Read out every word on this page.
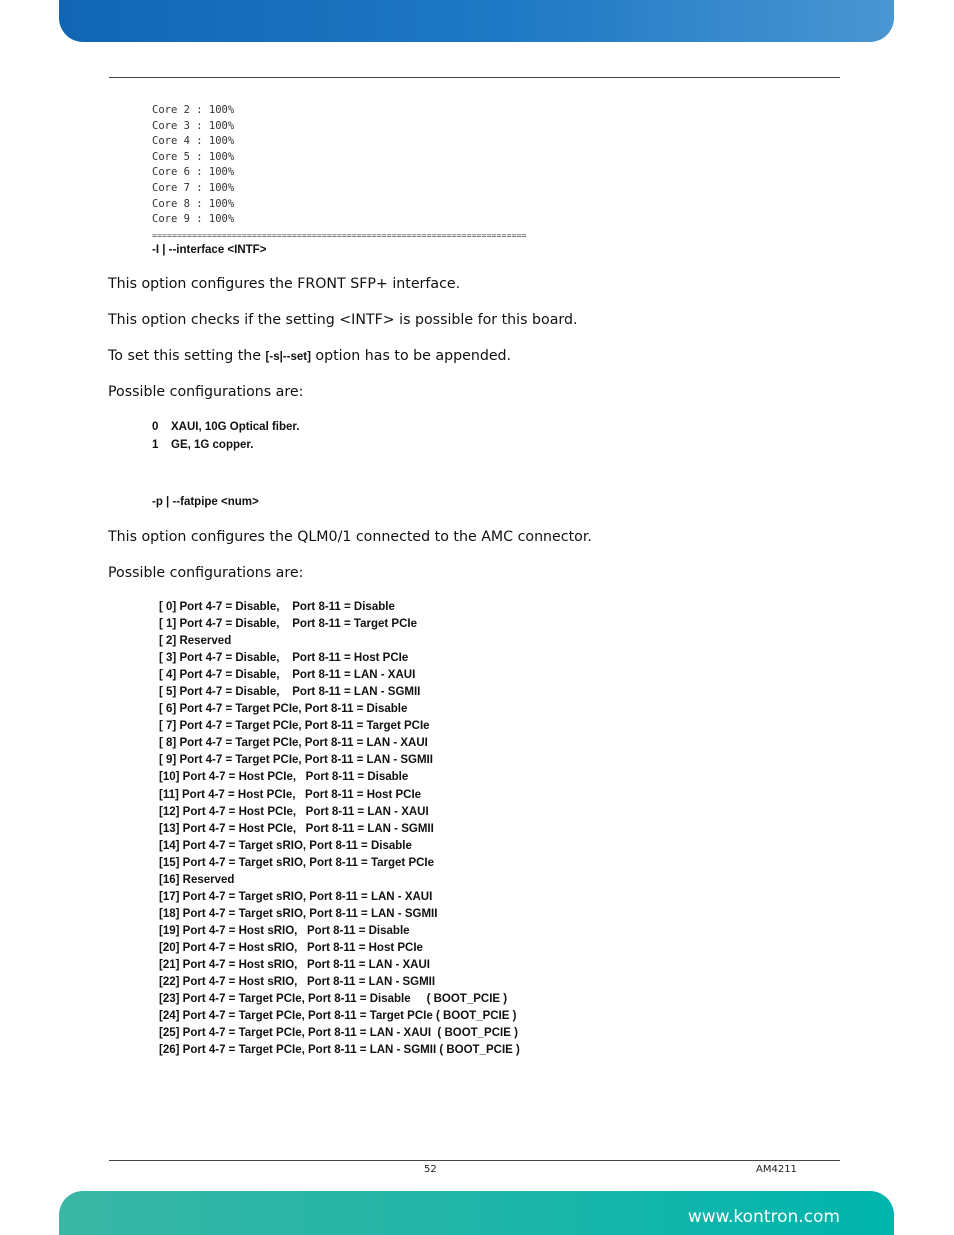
Core 2 : 100%
Core 3 : 100%
Core 4 : 100%
Core 5 : 100%
Core 6 : 100%
Core 7 : 100%
Core 8 : 100%
Core 9 : 100%
===========================================================================
-I | --interface <INTF>
This option configures the FRONT SFP+ interface.
This option checks if the setting <INTF> is possible for this board.
To set this setting the [-s|--set] option has to be appended.
Possible configurations are:
0 XAUI, 10G Optical fiber.
1 GE, 1G copper.
-p | --fatpipe <num>
This option configures the QLM0/1 connected to the AMC connector.
Possible configurations are:
[ 0] Port 4-7 = Disable,    Port 8-11 = Disable
[ 1] Port 4-7 = Disable,    Port 8-11 = Target PCIe
[ 2] Reserved
[ 3] Port 4-7 = Disable,    Port 8-11 = Host PCIe
[ 4] Port 4-7 = Disable,    Port 8-11 = LAN - XAUI
[ 5] Port 4-7 = Disable,    Port 8-11 = LAN - SGMII
[ 6] Port 4-7 = Target PCIe, Port 8-11 = Disable
[ 7] Port 4-7 = Target PCIe, Port 8-11 = Target PCIe
[ 8] Port 4-7 = Target PCIe, Port 8-11 = LAN - XAUI
[ 9] Port 4-7 = Target PCIe, Port 8-11 = LAN - SGMII
[10] Port 4-7 = Host PCIe,   Port 8-11 = Disable
[11] Port 4-7 = Host PCIe,   Port 8-11 = Host PCIe
[12] Port 4-7 = Host PCIe,   Port 8-11 = LAN - XAUI
[13] Port 4-7 = Host PCIe,   Port 8-11 = LAN - SGMII
[14] Port 4-7 = Target sRIO, Port 8-11 = Disable
[15] Port 4-7 = Target sRIO, Port 8-11 = Target PCIe
[16] Reserved
[17] Port 4-7 = Target sRIO, Port 8-11 = LAN - XAUI
[18] Port 4-7 = Target sRIO, Port 8-11 = LAN - SGMII
[19] Port 4-7 = Host sRIO,   Port 8-11 = Disable
[20] Port 4-7 = Host sRIO,   Port 8-11 = Host PCIe
[21] Port 4-7 = Host sRIO,   Port 8-11 = LAN - XAUI
[22] Port 4-7 = Host sRIO,   Port 8-11 = LAN - SGMII
[23] Port 4-7 = Target PCIe, Port 8-11 = Disable     ( BOOT_PCIE )
[24] Port 4-7 = Target PCIe, Port 8-11 = Target PCIe ( BOOT_PCIE )
[25] Port 4-7 = Target PCIe, Port 8-11 = LAN - XAUI  ( BOOT_PCIE )
[26] Port 4-7 = Target PCIe, Port 8-11 = LAN - SGMII ( BOOT_PCIE )
52	AM4211
www.kontron.com
